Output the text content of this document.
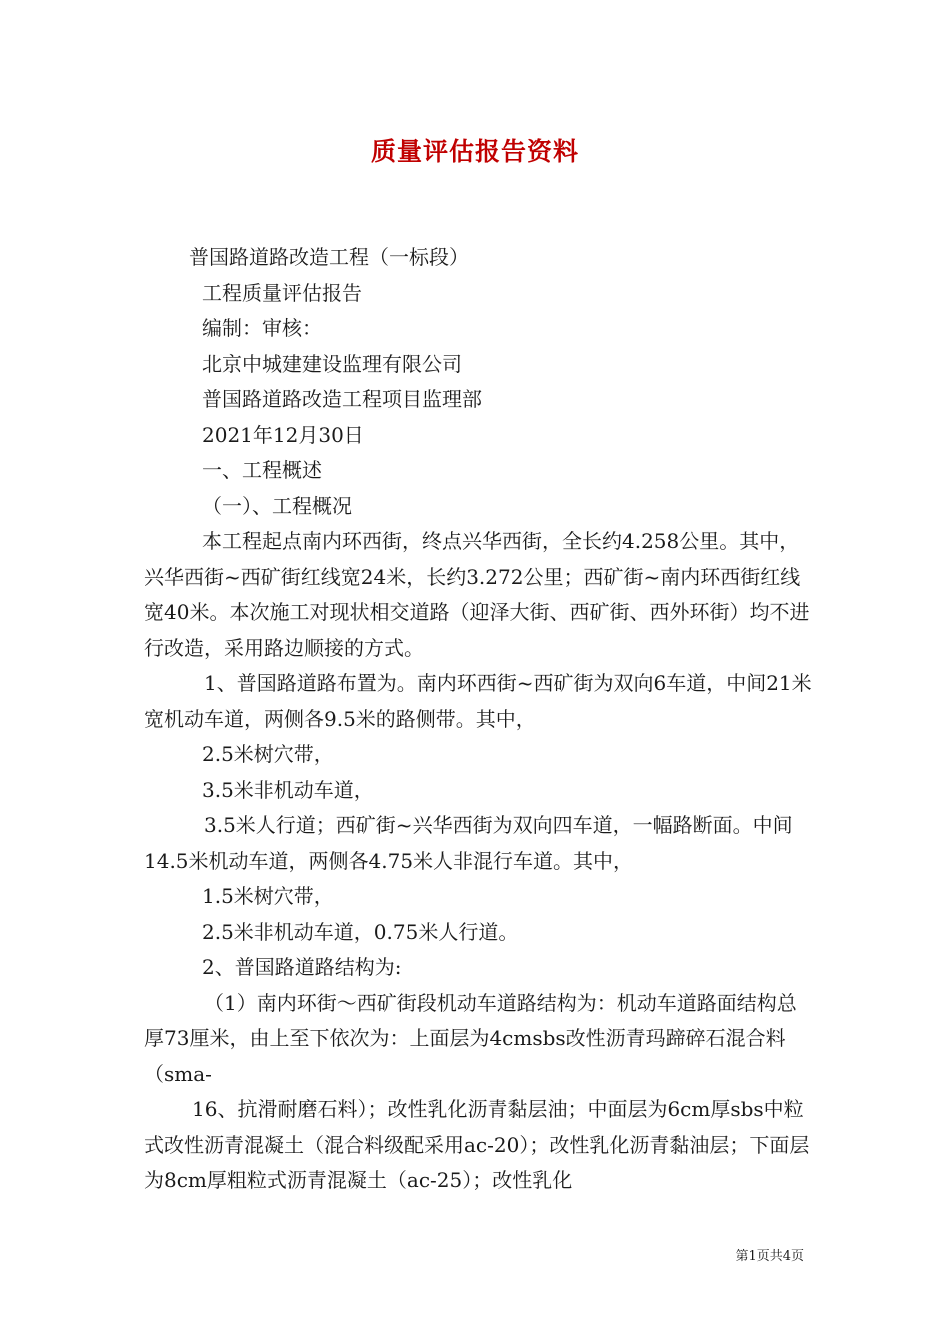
质量评估报告资料

普国路道路改造工程（一标段）

工程质量评估报告

编制：审核：

北京中城建建设监理有限公司

普国路道路改造工程项目监理部

2021年12月30日

一、工程概述

（一）、工程概况

本工程起点南内环西街，终点兴华西街，全长约4.258公里。其中，兴华西街~西矿街红线宽24米，长约3.272公里；西矿街~南内环西街红线宽40米。本次施工对现状相交道路（迎泽大街、西矿街、西外环街）均不进行改造，采用路边顺接的方式。

1、普国路道路布置为。南内环西街~西矿街为双向6车道，中间21米宽机动车道，两侧各9.5米的路侧带。其中，

2.5米树穴带，

3.5米非机动车道，

3.5米人行道；西矿街~兴华西街为双向四车道，一幅路断面。中间14.5米机动车道，两侧各4.75米人非混行车道。其中，

1.5米树穴带，

2.5米非机动车道，0.75米人行道。

2、普国路道路结构为:

（1）南内环街～西矿街段机动车道路结构为：机动车道路面结构总厚73厘米，由上至下依次为：上面层为4cmsbs改性沥青玛蹄碎石混合料（sma-

16、抗滑耐磨石料）；改性乳化沥青黏层油；中面层为6cm厚sbs中粒式改性沥青混凝土（混合料级配采用ac-20）；改性乳化沥青黏油层；下面层为8cm厚粗粒式沥青混凝土（ac-25）；改性乳化

第1页共4页
